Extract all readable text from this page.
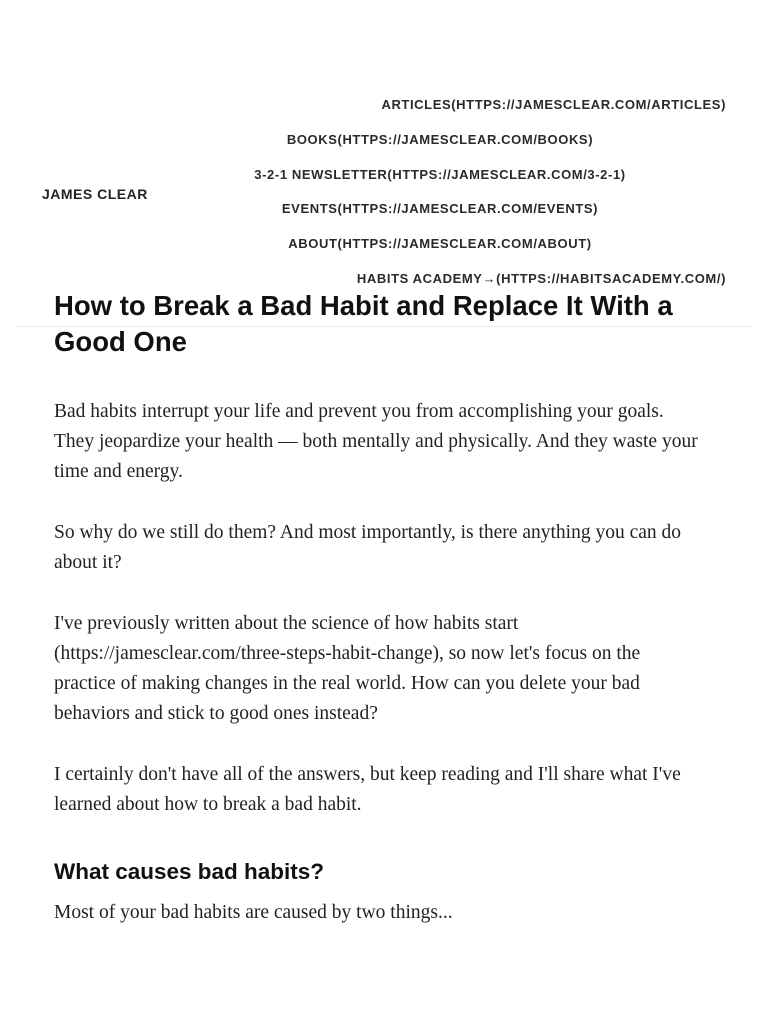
JAMES CLEAR
ARTICLES(HTTPS://JAMESCLEAR.COM/ARTICLES)
BOOKS(HTTPS://JAMESCLEAR.COM/BOOKS)
3-2-1 NEWSLETTER(HTTPS://JAMESCLEAR.COM/3-2-1)
EVENTS(HTTPS://JAMESCLEAR.COM/EVENTS)
ABOUT(HTTPS://JAMESCLEAR.COM/ABOUT)
HABITS ACADEMY→(HTTPS://HABITSACADEMY.COM/)
How to Break a Bad Habit and Replace It With a Good One

Bad habits interrupt your life and prevent you from accomplishing your goals.
They jeopardize your health — both mentally and physically. And they waste your
time and energy.

So why do we still do them? And most importantly, is there anything you can do
about it?

I've previously written about the science of how habits start
(https://jamesclear.com/three-steps-habit-change), so now let's focus on the
practice of making changes in the real world. How can you delete your bad
behaviors and stick to good ones instead?

I certainly don't have all of the answers, but keep reading and I'll share what I've
learned about how to break a bad habit.

What causes bad habits?

Most of your bad habits are caused by two things...
